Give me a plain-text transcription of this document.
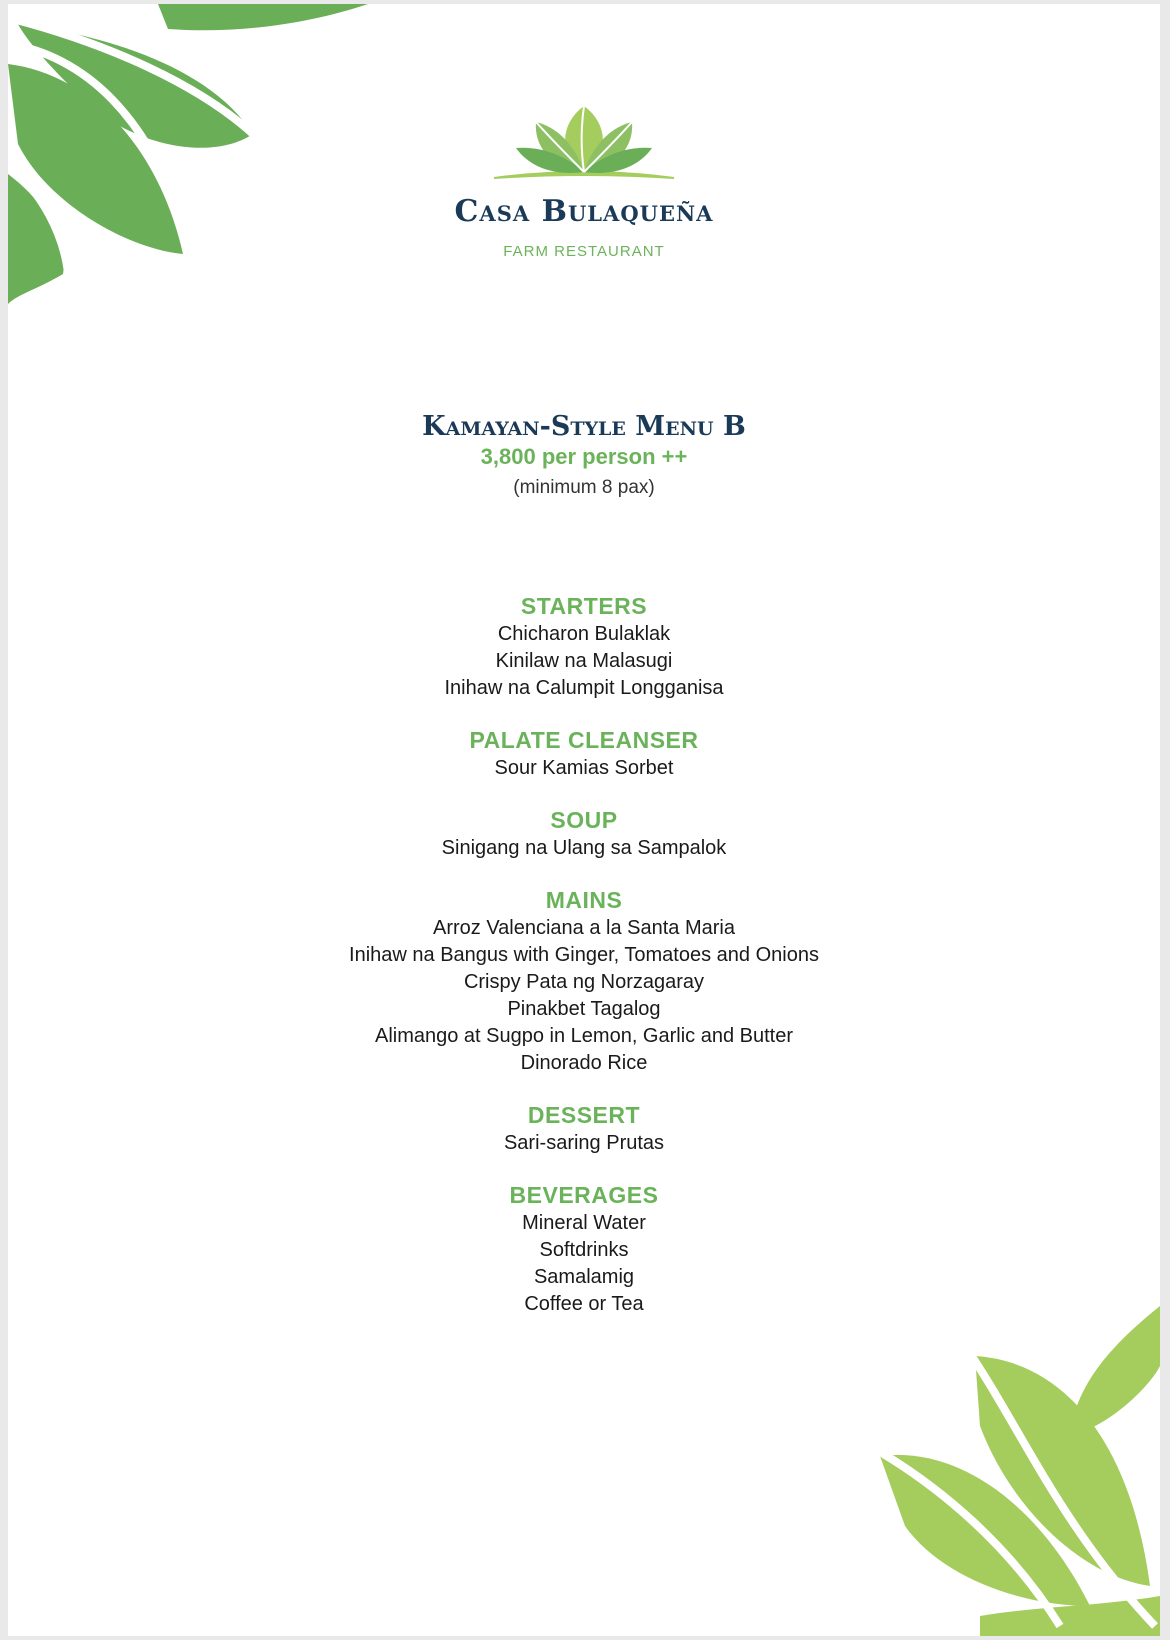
Casa Bulaqueña
FARM RESTAURANT
Kamayan-Style Menu B
3,800 per person ++
(minimum 8 pax)
STARTERS
Chicharon Bulaklak
Kinilaw na Malasugi
Inihaw na Calumpit Longganisa
PALATE CLEANSER
Sour Kamias Sorbet
SOUP
Sinigang na Ulang sa Sampalok
MAINS
Arroz Valenciana a la Santa Maria
Inihaw na Bangus with Ginger, Tomatoes and Onions
Crispy Pata ng Norzagaray
Pinakbet Tagalog
Alimango at Sugpo in Lemon, Garlic and Butter
Dinorado Rice
DESSERT
Sari-saring Prutas
BEVERAGES
Mineral Water
Softdrinks
Samalamig
Coffee or Tea
